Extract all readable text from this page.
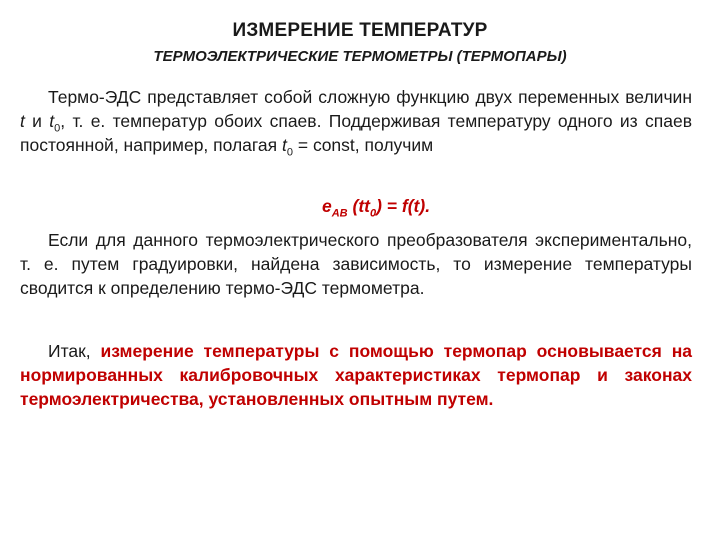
ИЗМЕРЕНИЕ ТЕМПЕРАТУР
ТЕРМОЭЛЕКТРИЧЕСКИЕ ТЕРМОМЕТРЫ (ТЕРМОПАРЫ)

Термо-ЭДС представляет собой сложную функцию двух переменных величин t и $t_0$, т. е. температур обоих спаев. Поддерживая температуру одного из спаев постоянной, например, полагая $t_0$ = const, получим

$e_{AB}$ $(tt_0) = f(t)$.

Если для данного термоэлектрического преобразователя экспериментально, т. е. путем градуировки, найдена зависимость, то измерение температуры сводится к определению термо-ЭДС термометра.

Итак, измерение температуры с помощью термопар основывается на нормированных калибровочных характеристиках термопар и законах термоэлектричества, установленных опытным путем.
